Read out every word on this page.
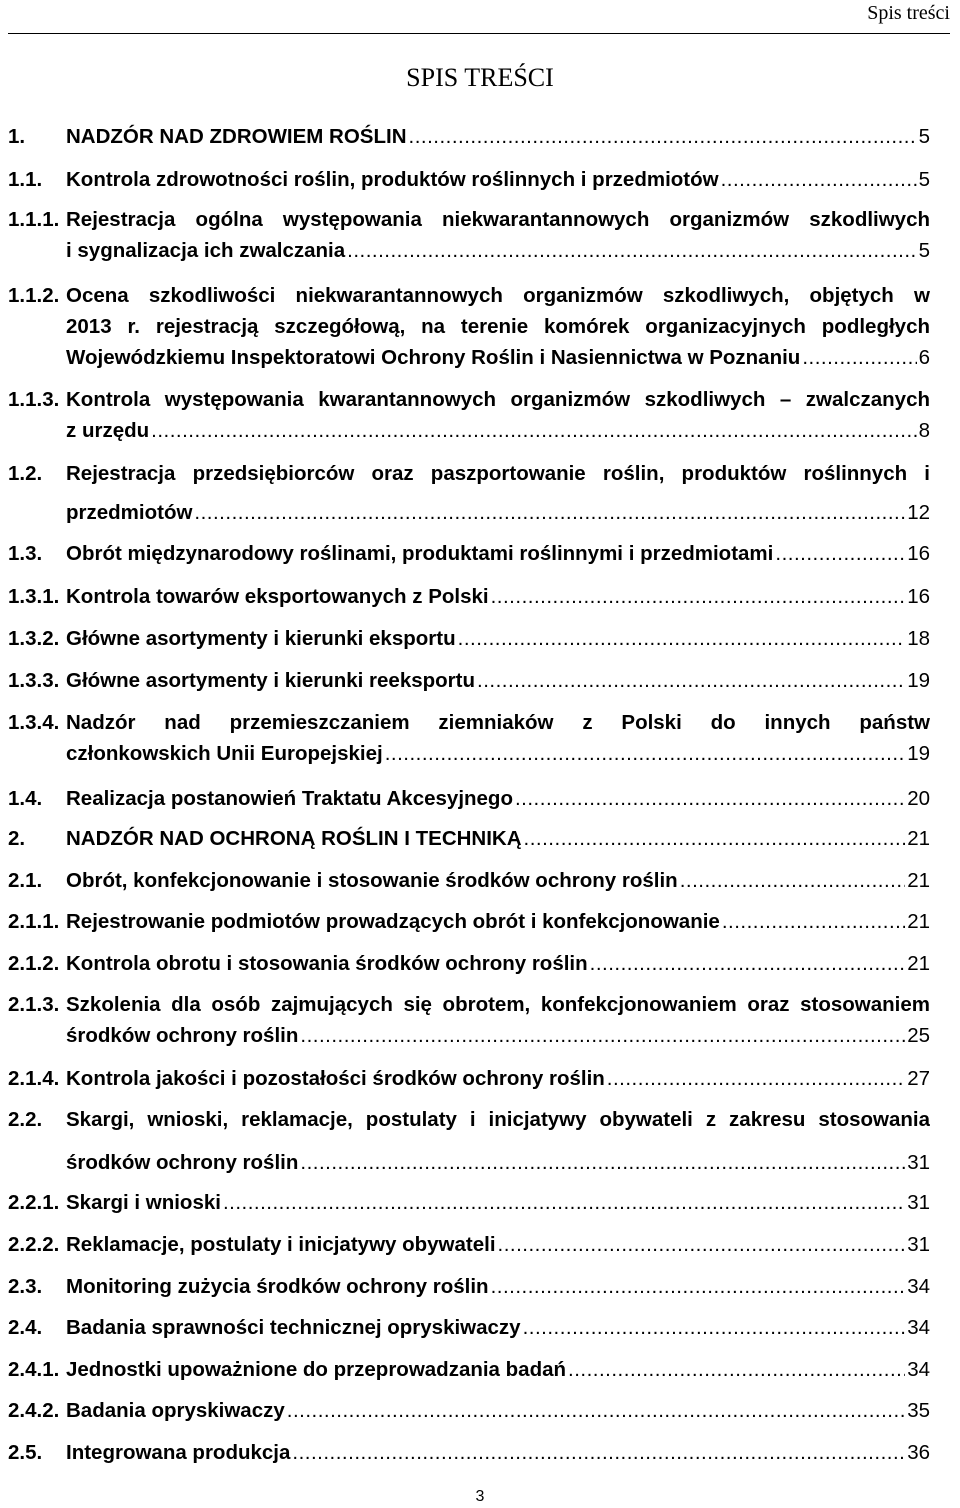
Spis treści
SPIS TREŚCI
1. NADZÓR NAD ZDROWIEM ROŚLIN . . .	5
1.1. Kontrola zdrowotności roślin, produktów roślinnych i przedmiotów . . .	5
1.1.1. Rejestracja ogólna występowania niekwarantannowych organizmów szkodliwych
i sygnalizacja ich zwalczania . . .	5
1.1.2. Ocena szkodliwości niekwarantannowych organizmów szkodliwych, objętych w
2013 r. rejestracją szczegółową, na terenie komórek organizacyjnych podległych
Wojewódzkiemu Inspektoratowi Ochrony Roślin i Nasiennictwa w Poznaniu . . .	6
1.1.3. Kontrola występowania kwarantannowych organizmów szkodliwych – zwalczanych
z urzędu . . .	8
1.2. Rejestracja przedsiębiorców oraz paszportowanie roślin, produktów roślinnych i
przedmiotów . . .	12
1.3. Obrót międzynarodowy roślinami, produktami roślinnymi i przedmiotami . . .	16
1.3.1. Kontrola towarów eksportowanych z Polski . . .	16
1.3.2. Główne asortymenty i kierunki eksportu . . .	18
1.3.3. Główne asortymenty i kierunki reeksportu . . .	19
1.3.4. Nadzór nad przemieszczaniem ziemniaków z Polski do innych państw
członkowskich Unii Europejskiej . . .	19
1.4. Realizacja postanowień Traktatu Akcesyjnego . . .	20
2. NADZÓR NAD OCHRONĄ ROŚLIN I TECHNIKĄ . . .	21
2.1. Obrót, konfekcjonowanie i stosowanie środków ochrony roślin . . .	21
2.1.1. Rejestrowanie podmiotów prowadzących obrót i konfekcjonowanie . . .	21
2.1.2. Kontrola obrotu i stosowania środków ochrony roślin . . .	21
2.1.3. Szkolenia dla osób zajmujących się obrotem, konfekcjonowaniem oraz stosowaniem
środków ochrony roślin . . .	25
2.1.4. Kontrola jakości i pozostałości środków ochrony roślin . . .	27
2.2. Skargi, wnioski, reklamacje, postulaty i inicjatywy obywateli z zakresu stosowania
środków ochrony roślin . . .	31
2.2.1. Skargi i wnioski . . .	31
2.2.2. Reklamacje, postulaty i inicjatywy obywateli . . .	31
2.3. Monitoring zużycia środków ochrony roślin . . .	34
2.4. Badania sprawności technicznej opryskiwaczy . . .	34
2.4.1. Jednostki upoważnione do przeprowadzania badań . . .	34
2.4.2. Badania opryskiwaczy . . .	35
2.5. Integrowana produkcja . . .	36
3
